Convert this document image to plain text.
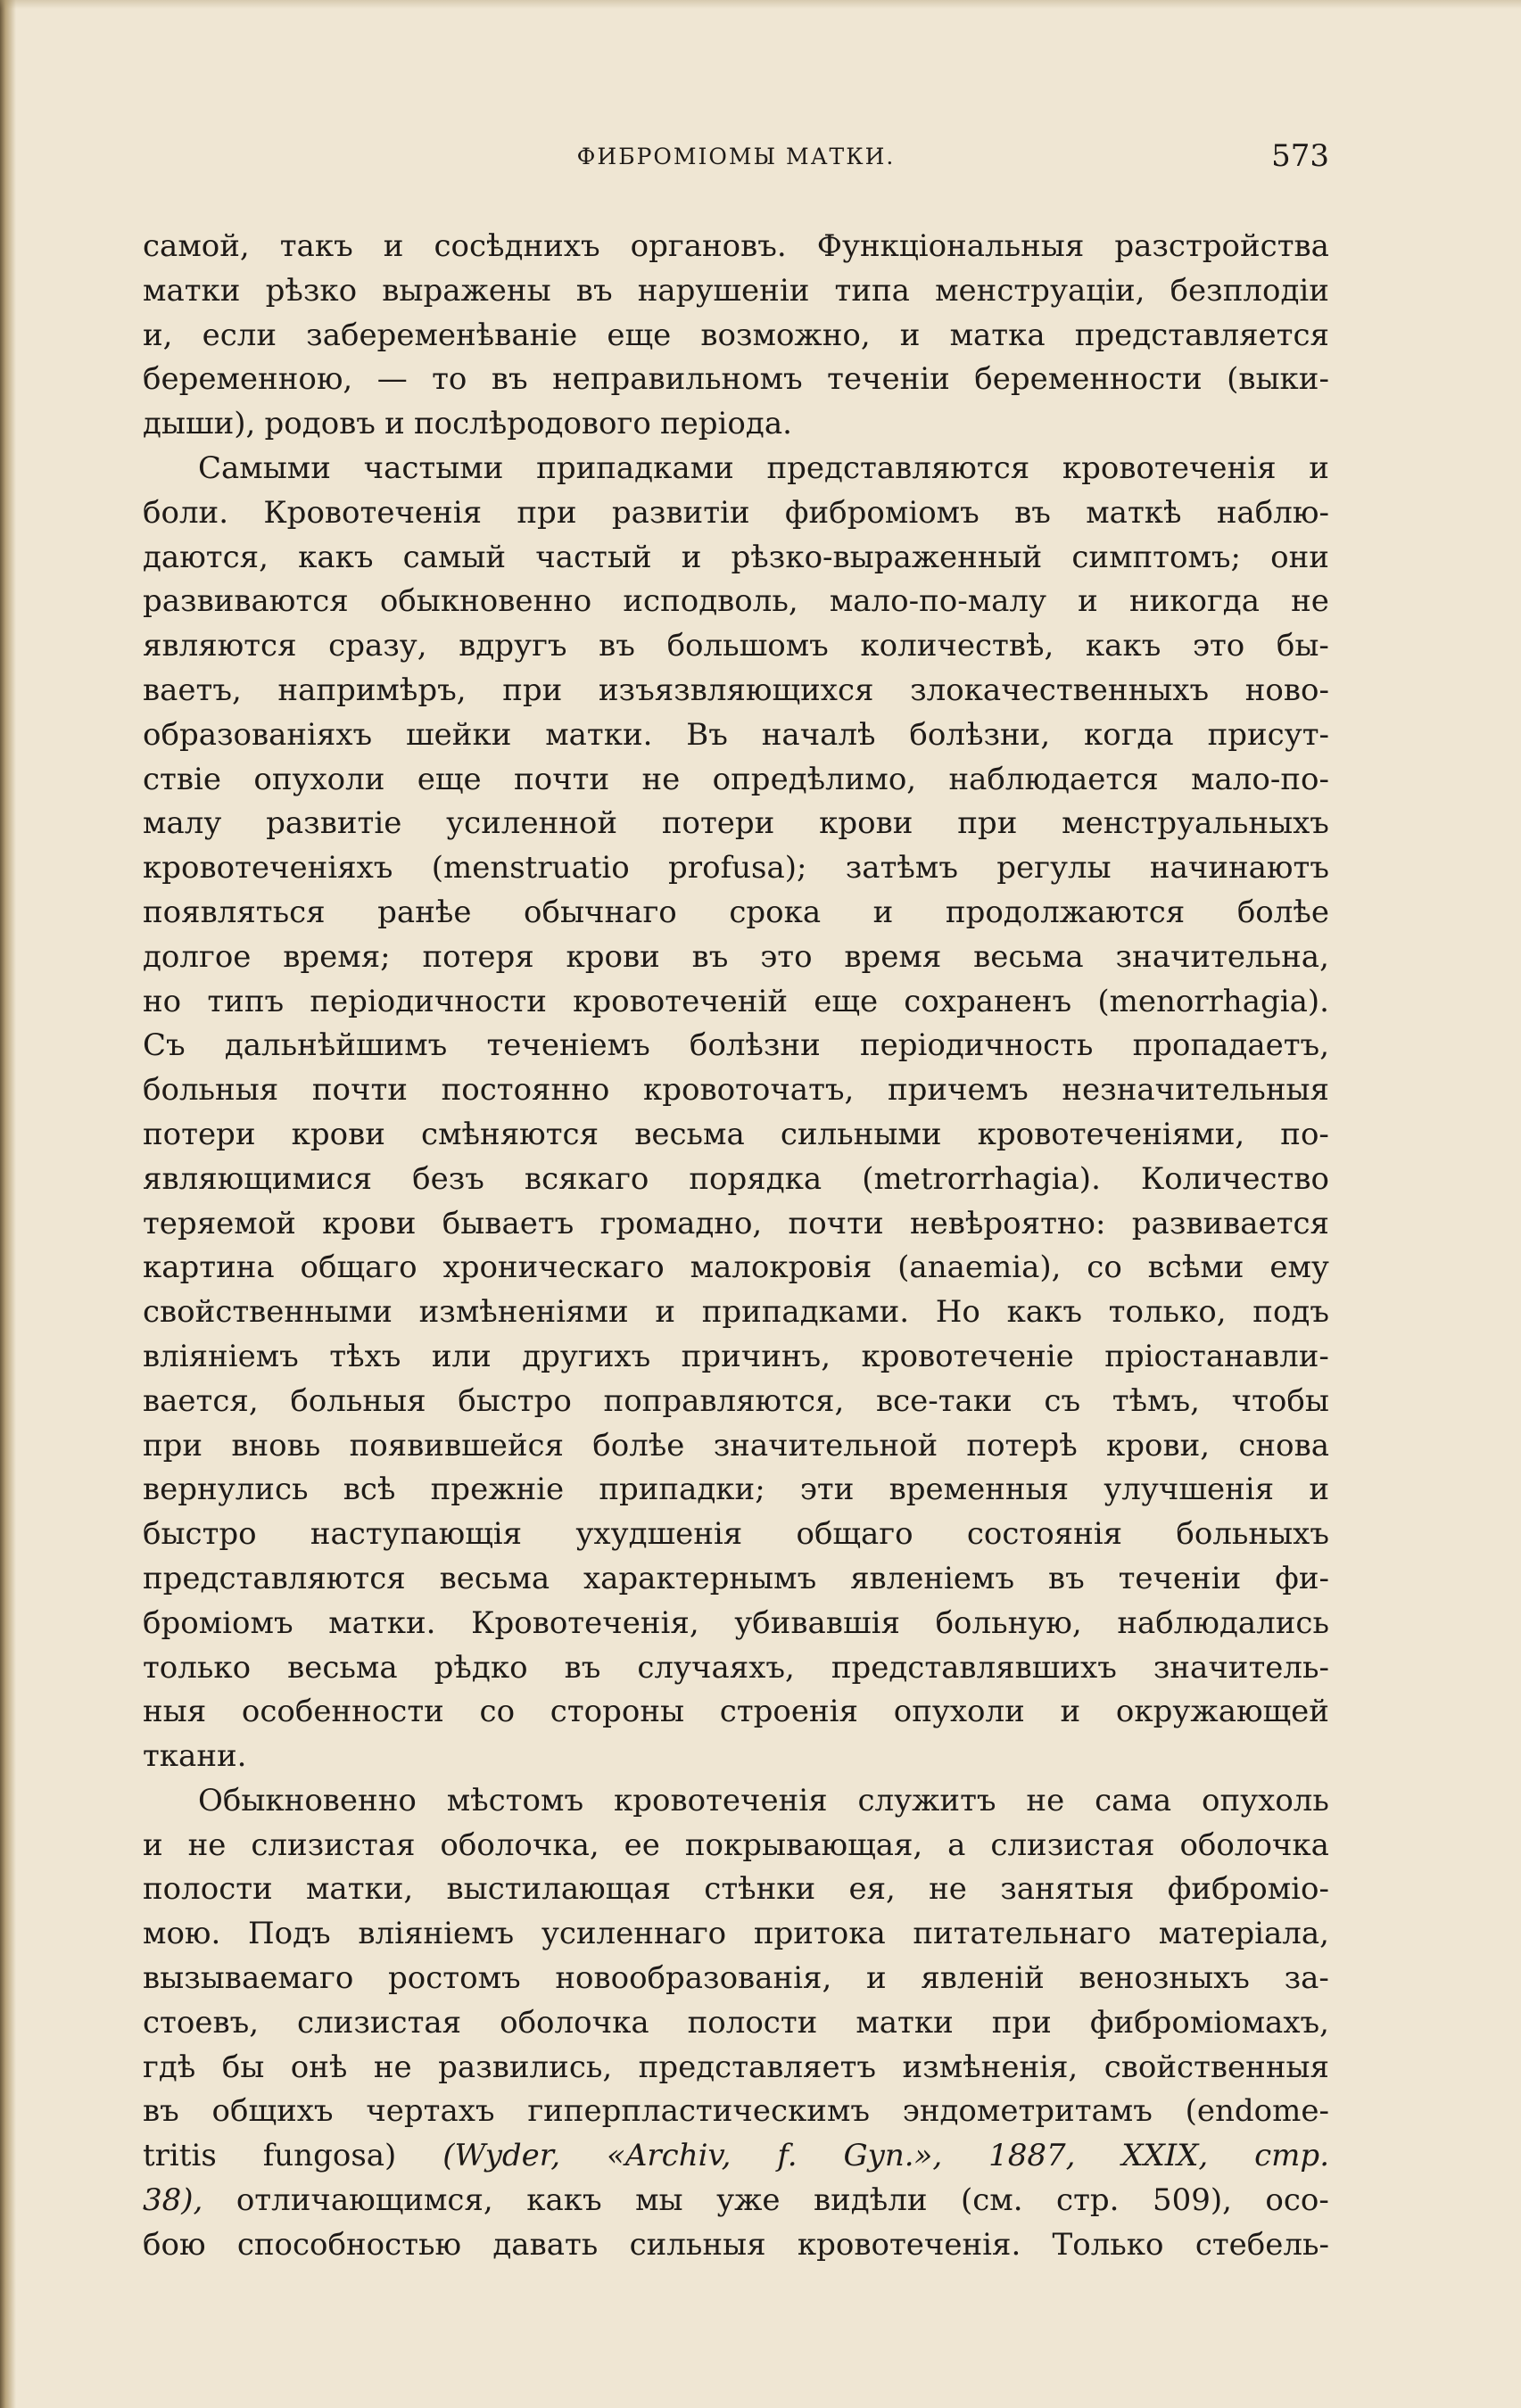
ФИБРОМІОМЫ МАТКИ.	573
самой, такъ и сосѣднихъ органовъ. Функціональныя разстройства
матки рѣзко выражены въ нарушеніи типа менструаціи, безплодіи
и, если забеременѣваніе еще возможно, и матка представляется
беременною, — то въ неправильномъ теченіи беременности (выки-
дыши), родовъ и послѣродового періода.
Самыми частыми припадками представляются кровотеченія и
боли. Кровотеченія при развитіи фибромiомъ въ маткѣ наблю-
даются, какъ самый частый и рѣзко-выраженный симптомъ; они
развиваются обыкновенно исподволь, мало-по-малу и никогда не
являются сразу, вдругъ въ большомъ количествѣ, какъ это бы-
ваетъ, напримѣръ, при изъязвляющихся злокачественныхъ ново-
образованіяхъ шейки матки. Въ началѣ болѣзни, когда присут-
ствіе опухоли еще почти не опредѣлимо, наблюдается мало-по-
малу развитіе усиленной потери крови при менструальныхъ
кровотеченіяхъ (menstruatio profusa); затѣмъ регулы начинаютъ
появляться ранѣе обычнаго срока и продолжаются болѣе
долгое время; потеря крови въ это время весьма значительна,
но типъ періодичности кровотеченій еще сохраненъ (menorrhagia).
Съ дальнѣйшимъ теченіемъ болѣзни періодичность пропадаетъ,
больныя почти постоянно кровоточатъ, причемъ незначительныя
потери крови смѣняются весьма сильными кровотеченіями, по-
являющимися безъ всякаго порядка (metrorrhagia). Количество
теряемой крови бываетъ громадно, почти невѣроятно: развивается
картина общаго хроническаго малокровія (anaemia), со всѣми ему
свойственными измѣненіями и припадками. Но какъ только, подъ
вліяніемъ тѣхъ или другихъ причинъ, кровотеченіе пріостанавли-
вается, больныя быстро поправляются, все-таки съ тѣмъ, чтобы
при вновь появившейся болѣе значительной потерѣ крови, снова
вернулись всѣ прежніе припадки; эти временныя улучшенія и
быстро наступающія ухудшенія общаго состоянія больныхъ
представляются весьма характернымъ явленіемъ въ теченіи фи-
бромiомъ матки. Кровотеченія, убивавшія больную, наблюдались
только весьма рѣдко въ случаяхъ, представлявшихъ значитель-
ныя особенности со стороны строенія опухоли и окружающей
ткани.
Обыкновенно мѣстомъ кровотеченія служитъ не сама опухоль
и не слизистая оболочка, ее покрывающая, а слизистая оболочка
полости матки, выстилающая стѣнки ея, не занятыя фибромiо-
мою. Подъ вліяніемъ усиленнаго притока питательнаго матеріала,
вызываемаго ростомъ новообразованія, и явленій венозныхъ за-
стоевъ, слизистая оболочка полости матки при фибромiомахъ,
гдѣ бы онѣ не развились, представляетъ измѣненія, свойственныя
въ общихъ чертахъ гиперпластическимъ эндометритамъ (endome-
tritis fungosa) (Wyder, «Archiv, f. Gyn.», 1887, XXIX, стр.
38), отличающимся, какъ мы уже видѣли (см. стр. 509), осо-
бою способностью давать сильныя кровотеченія. Только стебель-
